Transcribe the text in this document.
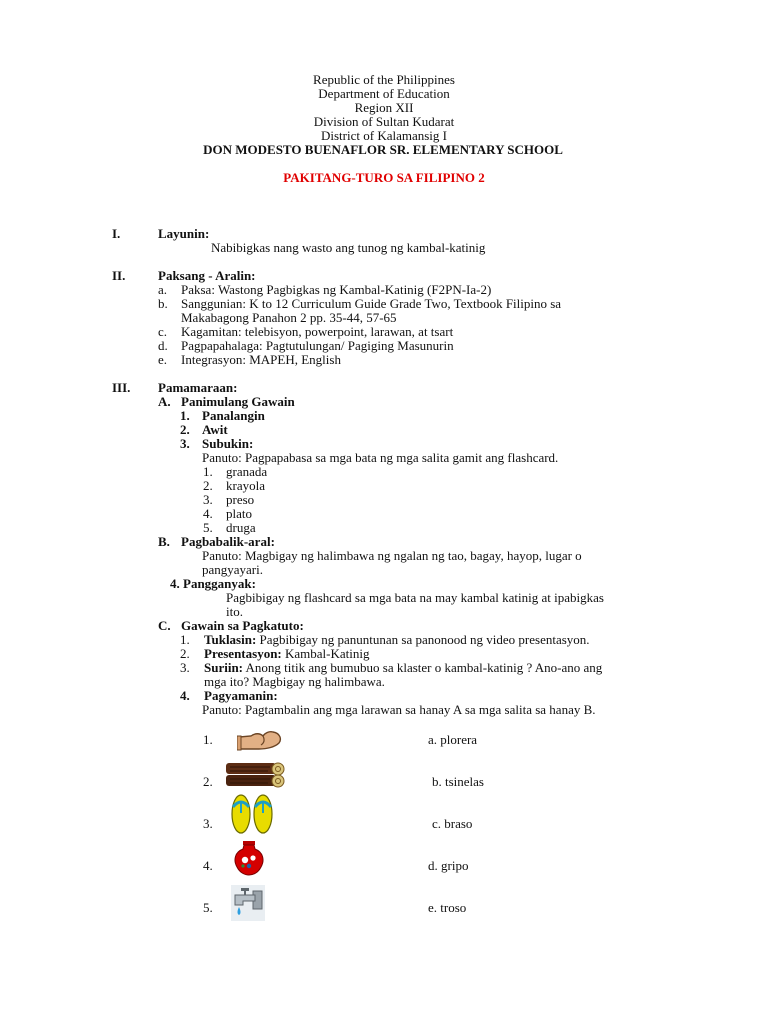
Republic of the Philippines
Department of Education
Region XII
Division of Sultan Kudarat
District of Kalamansig I
DON MODESTO BUENAFLOR SR. ELEMENTARY SCHOOL
PAKITANG-TURO SA FILIPINO 2
I.	Layunin:
Nabibigkas nang wasto ang tunog ng kambal-katinig
II.	Paksang - Aralin:
a. Paksa: Wastong Pagbigkas ng Kambal-Katinig (F2PN-Ia-2)
b. Sanggunian: K to 12 Curriculum Guide Grade Two, Textbook Filipino sa
Makabagong Panahon 2 pp. 35-44, 57-65
c. Kagamitan: telebisyon, powerpoint, larawan, at tsart
d. Pagpapahalaga: Pagtutulungan/ Pagiging Masunurin
e. Integrasyon: MAPEH, English
III. Pamamaraan:
A. Panimulang Gawain
1. Panalangin
2. Awit
3. Subukin:
Panuto: Pagpapabasa sa mga bata ng mga salita gamit ang flashcard.
1. granada
2. krayola
3. preso
4. plato
5. druga
B. Pagbabalik-aral:
Panuto: Magbigay ng halimbawa ng ngalan ng tao, bagay, hayop, lugar o
pangyayari.
4. Pangganyak:
Pagbibigay ng flashcard sa mga bata na may kambal katinig at ipabigkas
ito.
C. Gawain sa Pagkatuto:
1. Tuklasin: Pagbibigay ng panuntunan sa panonood ng video presentasyon.
2. Presentasyon: Kambal-Katinig
3. Suriin: Anong titik ang bumubuo sa klaster o kambal-katinig ? Ano-ano ang
mga ito? Magbigay ng halimbawa.
4. Pagyamanin:
Panuto: Pagtambalin ang mga larawan sa hanay A sa mga salita sa hanay B.
1.
2.
3.
4.
5.
a. plorera
b. tsinelas
c. braso
d. gripo
e. troso
